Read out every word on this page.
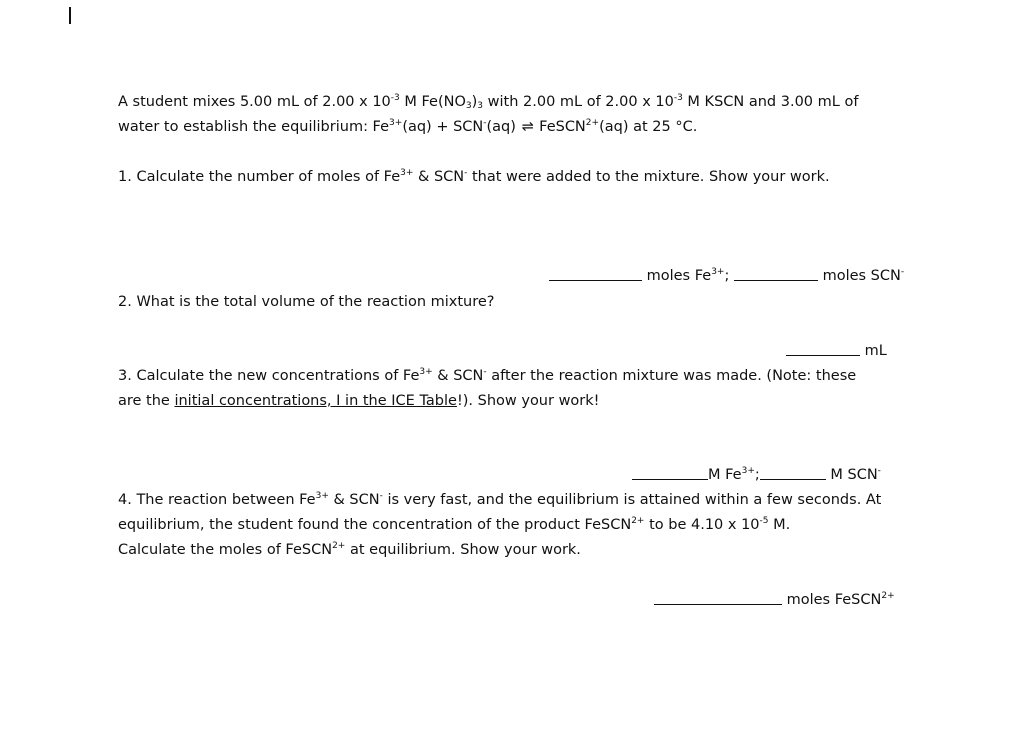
A student mixes 5.00 mL of 2.00 x $10^{-3}$ M $Fe(NO_3)_3$ with 2.00 mL of 2.00 x $10^{-3}$ M KSCN and 3.00 mL of
water to establish the equilibrium: $Fe^{3+}(aq) + SCN^-(aq)$ ⇌ FeSCN$^{2+}$(aq) at 25 °C.
1. Calculate the number of moles of $Fe^{3+}$ & SCN- that were added to the mixture. Show your work.
moles $Fe^{3+}$;	moles SCN-
2. What is the total volume of the reaction mixture?
mL
3. Calculate the new concentrations of $Fe^{3+}$ & SCN- after the reaction mixture was made. (Note: these
are the initial concentrations, I in the ICE Table!). Show your work!
M $Fe^{3+}$;	M SCN-
4. The reaction between $Fe^{3+}$ & SCN- is very fast, and the equilibrium is attained within a few seconds. At
equilibrium, the student found the concentration of the product FeSCN$^{2+}$ to be 4.10 x $10^{-5}$ M.
Calculate the moles of FeSCN$^{2+}$ at equilibrium. Show your work.
moles FeSCN$^{2+}$
